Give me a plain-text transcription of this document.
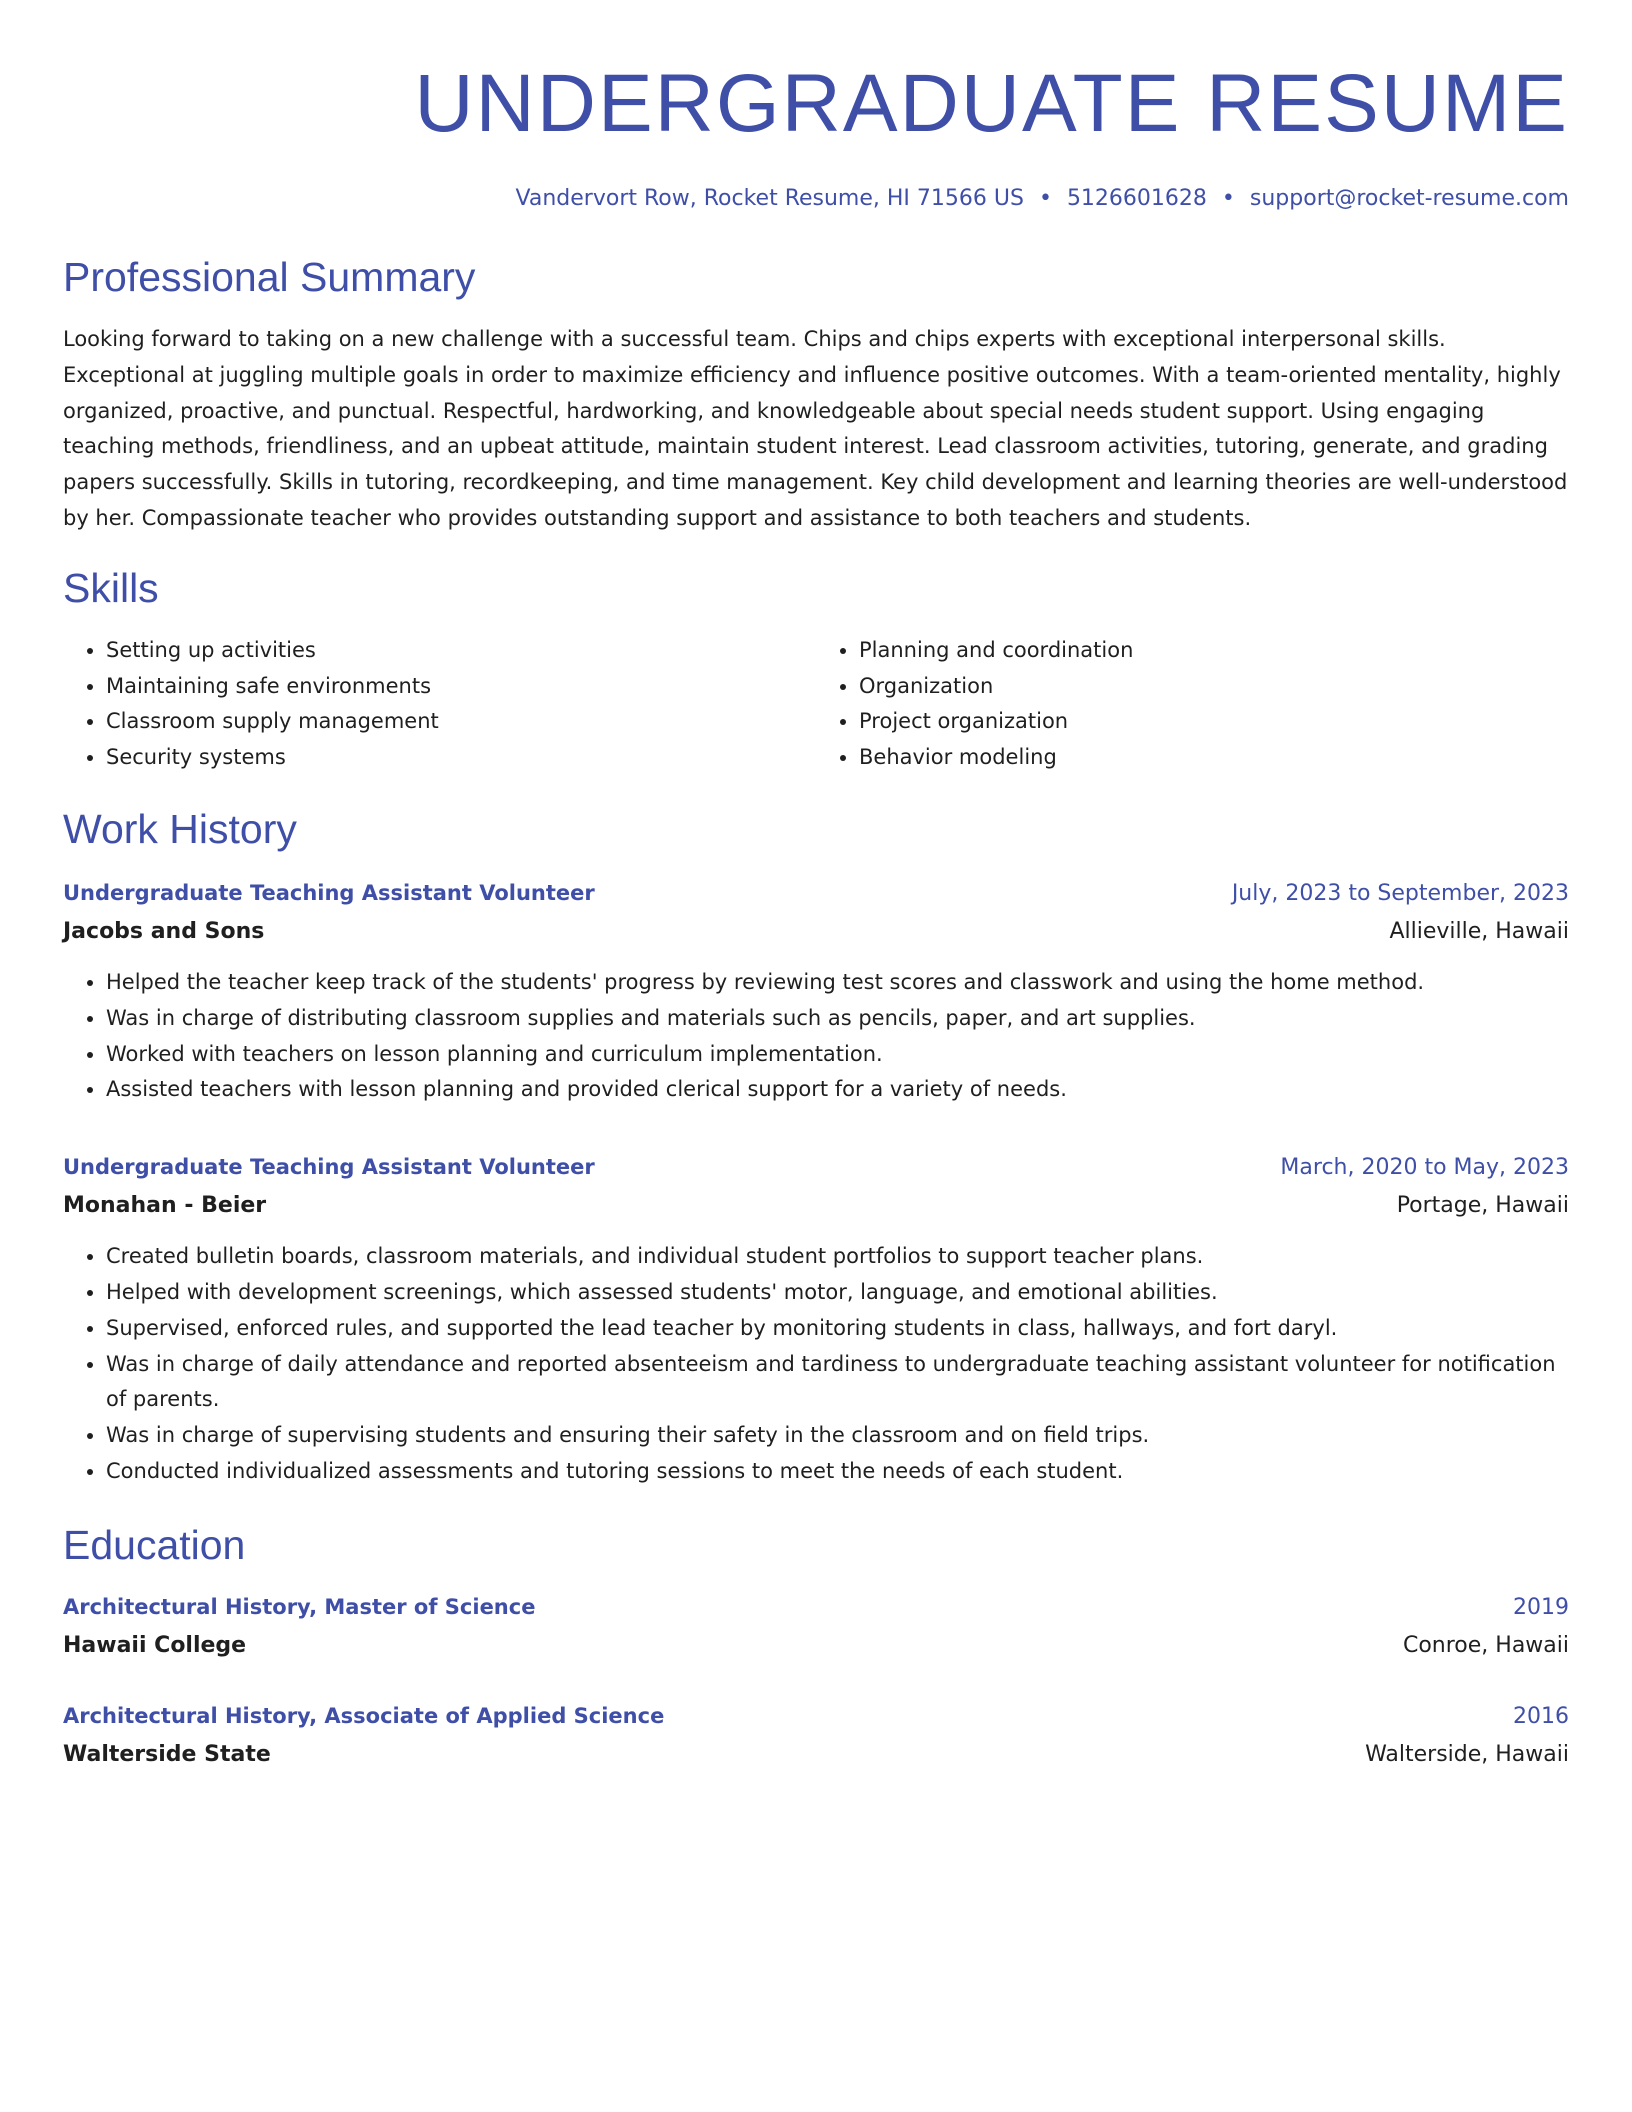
UNDERGRADUATE RESUME
Vandervort Row, Rocket Resume, HI 71566 US • 5126601628 • support@rocket-resume.com
Professional Summary

Looking forward to taking on a new challenge with a successful team. Chips and chips experts with exceptional interpersonal skills. Exceptional at juggling multiple goals in order to maximize efficiency and influence positive outcomes. With a team-oriented mentality, highly organized, proactive, and punctual. Respectful, hardworking, and knowledgeable about special needs student support. Using engaging teaching methods, friendliness, and an upbeat attitude, maintain student interest. Lead classroom activities, tutoring, generate, and grading papers successfully. Skills in tutoring, recordkeeping, and time management. Key child development and learning theories are well-understood by her. Compassionate teacher who provides outstanding support and assistance to both teachers and students.

Skills
• Setting up activities
• Maintaining safe environments
• Classroom supply management
• Security systems
• Planning and coordination
• Organization
• Project organization
• Behavior modeling
Work History
Undergraduate Teaching Assistant Volunteer	July, 2023 to September, 2023
Jacobs and Sons	Allieville, Hawaii
• Helped the teacher keep track of the students' progress by reviewing test scores and classwork and using the home method.
• Was in charge of distributing classroom supplies and materials such as pencils, paper, and art supplies.
• Worked with teachers on lesson planning and curriculum implementation.
• Assisted teachers with lesson planning and provided clerical support for a variety of needs.
Undergraduate Teaching Assistant Volunteer	March, 2020 to May, 2023
Monahan - Beier	Portage, Hawaii
• Created bulletin boards, classroom materials, and individual student portfolios to support teacher plans.
• Helped with development screenings, which assessed students' motor, language, and emotional abilities.
• Supervised, enforced rules, and supported the lead teacher by monitoring students in class, hallways, and fort daryl.
• Was in charge of daily attendance and reported absenteeism and tardiness to undergraduate teaching assistant volunteer for notification of parents.
• Was in charge of supervising students and ensuring their safety in the classroom and on field trips.
• Conducted individualized assessments and tutoring sessions to meet the needs of each student.
Education
Architectural History, Master of Science	2019
Hawaii College	Conroe, Hawaii
Architectural History, Associate of Applied Science	2016
Walterside State	Walterside, Hawaii
